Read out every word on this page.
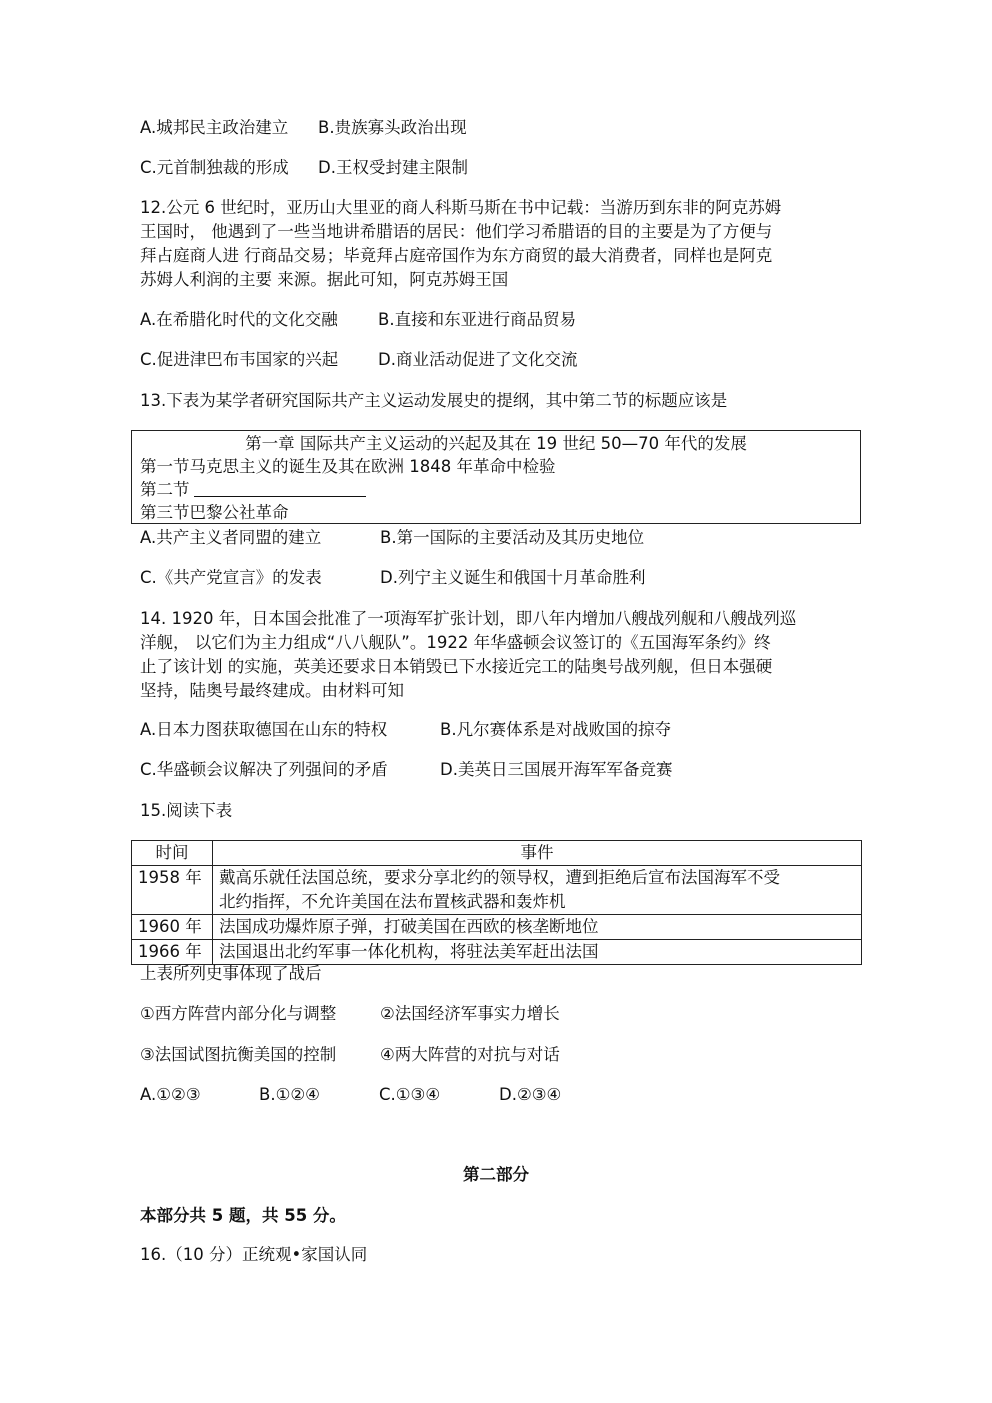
A.城邦民主政治建立 B.贵族寡头政治出现
C.元首制独裁的形成 D.王权受封建主限制
12.公元 6 世纪时，亚历山大里亚的商人科斯马斯在书中记载：当游历到东非的阿克苏姆
王国时， 他遇到了一些当地讲希腊语的居民：他们学习希腊语的目的主要是为了方便与
拜占庭商人进 行商品交易；毕竟拜占庭帝国作为东方商贸的最大消费者，同样也是阿克
苏姆人利润的主要 来源。据此可知，阿克苏姆王国
A.在希腊化时代的文化交融 B.直接和东亚进行商品贸易
C.促进津巴布韦国家的兴起 D.商业活动促进了文化交流
13.下表为某学者研究国际共产主义运动发展史的提纲，其中第二节的标题应该是
第一章 国际共产主义运动的兴起及其在 19 世纪 50—70 年代的发展
第一节马克思主义的诞生及其在欧洲 1848 年革命中检验
第二节
第三节巴黎公社革命
A.共产主义者同盟的建立	B.第一国际的主要活动及其历史地位
C.《共产党宣言》的发表	D.列宁主义诞生和俄国十月革命胜利
14. 1920 年，日本国会批准了一项海军扩张计划，即八年内增加八艘战列舰和八艘战列巡
洋舰， 以它们为主力组成“八八舰队”。1922 年华盛顿会议签订的《五国海军条约》终
止了该计划 的实施，英美还要求日本销毁已下水接近完工的陆奥号战列舰，但日本强硬
坚持，陆奥号最终建成。由材料可知
A.日本力图获取德国在山东的特权	B.凡尔赛体系是对战败国的掠夺
C.华盛顿会议解决了列强间的矛盾	D.美英日三国展开海军军备竞赛
15.阅读下表
时间	事件
1958 年	戴高乐就任法国总统，要求分享北约的领导权，遭到拒绝后宣布法国海军不受
北约指挥，不允许美国在法布置核武器和轰炸机

1960 年	法国成功爆炸原子弹，打破美国在西欧的核垄断地位
1966 年	法国退出北约军事一体化机构，将驻法美军赶出法国
上表所列史事体现了战后
①西方阵营内部分化与调整	②法国经济军事实力增长
③法国试图抗衡美国的控制	④两大阵营的对抗与对话
A.①②③	B.①②④	C.①③④	D.②③④
第二部分
本部分共 5 题，共 55 分。
16.（10 分）正统观•家国认同
